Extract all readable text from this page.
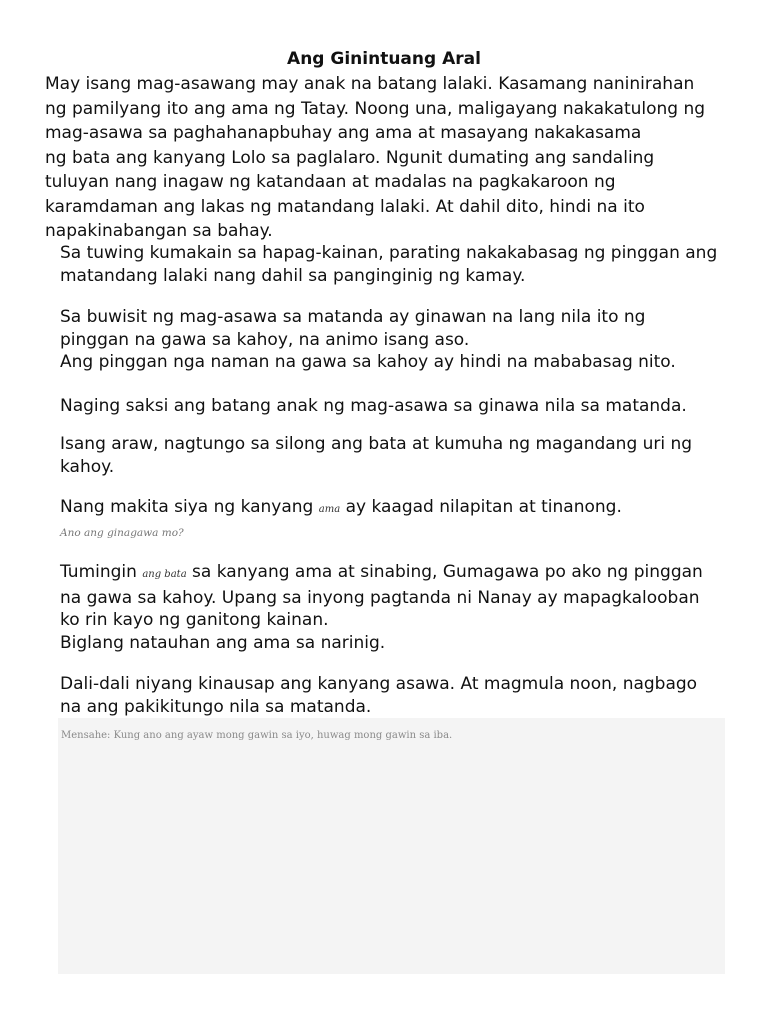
Ang Ginintuang Aral

May isang mag-asawang may anak na batang lalaki. Kasamang naninirahan
ng pamilyang ito ang ama ng Tatay. Noong una, maligayang nakakatulong ng
mag-asawa sa paghahanapbuhay ang ama at masayang nakakasama
ng bata ang kanyang Lolo sa paglalaro. Ngunit dumating ang sandaling
tuluyan nang inagaw ng katandaan at madalas na pagkakaroon ng
karamdaman ang lakas ng matandang lalaki. At dahil dito, hindi na ito
napakinabangan sa bahay.

Sa tuwing kumakain sa hapag-kainan, parating nakakabasag ng pinggan ang
matandang lalaki nang dahil sa panginginig ng kamay.

Sa buwisit ng mag-asawa sa matanda ay ginawan na lang nila ito ng
pinggan na gawa sa kahoy, na animo isang aso.
Ang pinggan nga naman na gawa sa kahoy ay hindi na mababasag nito.

Naging saksi ang batang anak ng mag-asawa sa ginawa nila sa matanda.

Isang araw, nagtungo sa silong ang bata at kumuha ng magandang uri ng
kahoy.

Nang makita siya ng kanyang ama ay kaagad nilapitan at tinanong.

Ano ang ginagawa mo?

Tumingin ang bata sa kanyang ama at sinabing, Gumagawa po ako ng pinggan
na gawa sa kahoy. Upang sa inyong pagtanda ni Nanay ay mapagkalooban
ko rin kayo ng ganitong kainan.
Biglang natauhan ang ama sa narinig.

Dali-dali niyang kinausap ang kanyang asawa. At magmula noon, nagbago
na ang pakikitungo nila sa matanda.

Mensahe: Kung ano ang ayaw mong gawin sa iyo, huwag mong gawin sa iba.
